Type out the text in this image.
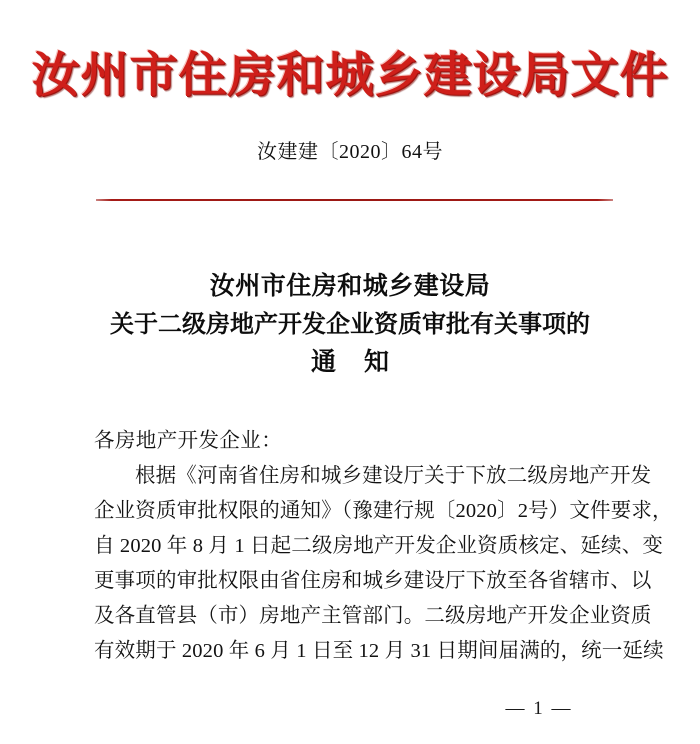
汝州市住房和城乡建设局文件
汝建建〔2020〕64号
汝州市住房和城乡建设局
关于二级房地产开发企业资质审批有关事项的
通 知

各房地产开发企业：

根据《河南省住房和城乡建设厅关于下放二级房地产开发

企业资质审批权限的通知》（豫建行规〔2020〕2号）文件要求，

自 2020 年 8 月 1 日起二级房地产开发企业资质核定、延续、变

更事项的审批权限由省住房和城乡建设厅下放至各省辖市、以

及各直管县（市）房地产主管部门。二级房地产开发企业资质

有效期于 2020 年 6 月 1 日至 12 月 31 日期间届满的，统一延续

— 1 —
